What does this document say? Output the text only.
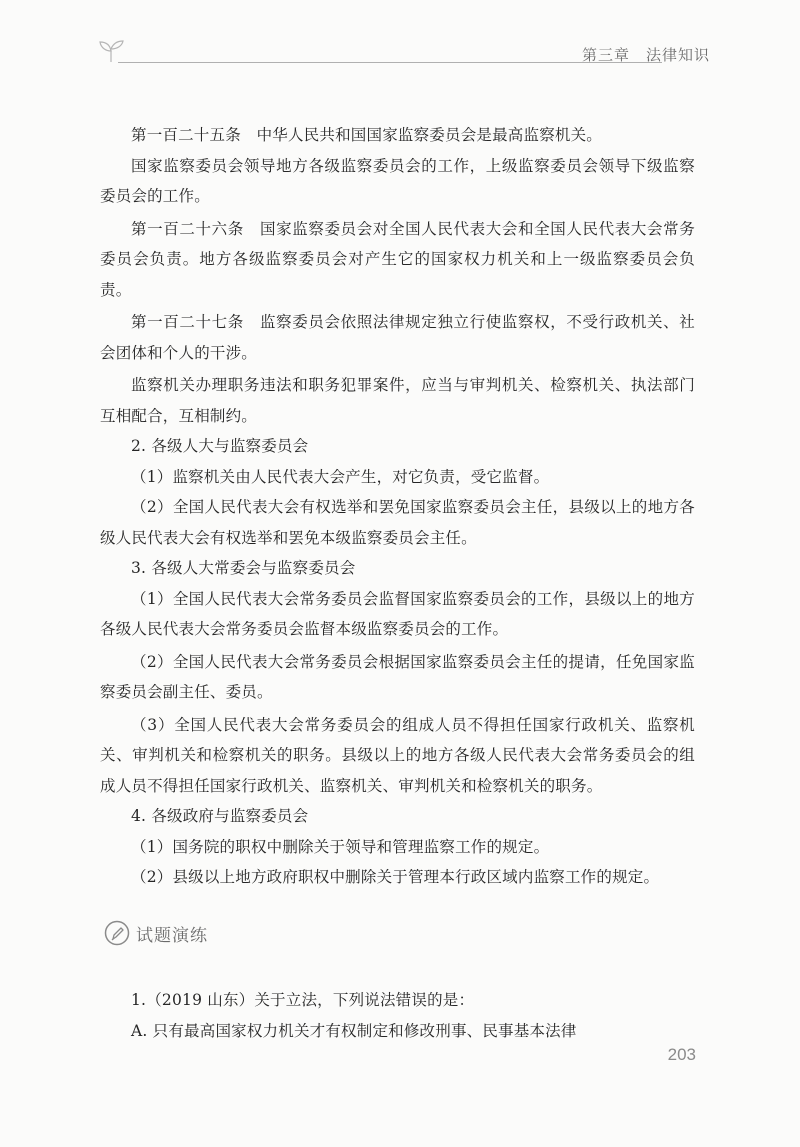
第三章　法律知识

第一百二十五条　中华人民共和国国家监察委员会是最高监察机关。

国家监察委员会领导地方各级监察委员会的工作，上级监察委员会领导下级监察委员会的工作。

第一百二十六条　国家监察委员会对全国人民代表大会和全国人民代表大会常务委员会负责。地方各级监察委员会对产生它的国家权力机关和上一级监察委员会负责。

第一百二十七条　监察委员会依照法律规定独立行使监察权，不受行政机关、社会团体和个人的干涉。

监察机关办理职务违法和职务犯罪案件，应当与审判机关、检察机关、执法部门互相配合，互相制约。

2. 各级人大与监察委员会

（1）监察机关由人民代表大会产生，对它负责，受它监督。

（2）全国人民代表大会有权选举和罢免国家监察委员会主任，县级以上的地方各级人民代表大会有权选举和罢免本级监察委员会主任。

3. 各级人大常委会与监察委员会

（1）全国人民代表大会常务委员会监督国家监察委员会的工作，县级以上的地方各级人民代表大会常务委员会监督本级监察委员会的工作。

（2）全国人民代表大会常务委员会根据国家监察委员会主任的提请，任免国家监察委员会副主任、委员。

（3）全国人民代表大会常务委员会的组成人员不得担任国家行政机关、监察机关、审判机关和检察机关的职务。县级以上的地方各级人民代表大会常务委员会的组成人员不得担任国家行政机关、监察机关、审判机关和检察机关的职务。

4. 各级政府与监察委员会

（1）国务院的职权中删除关于领导和管理监察工作的规定。

（2）县级以上地方政府职权中删除关于管理本行政区域内监察工作的规定。

试题演练

1.（2019 山东）关于立法，下列说法错误的是：

A. 只有最高国家权力机关才有权制定和修改刑事、民事基本法律

203
